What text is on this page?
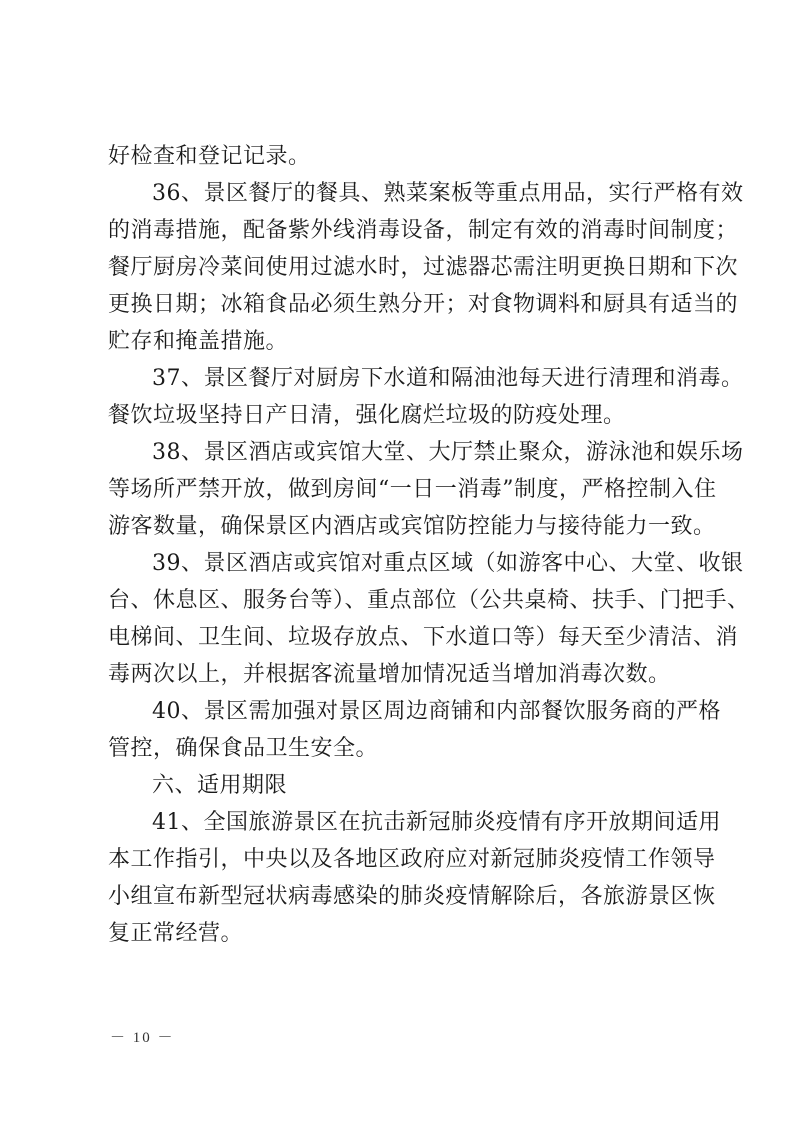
好检查和登记记录。
36、景区餐厅的餐具、熟菜案板等重点用品，实行严格有效
的消毒措施，配备紫外线消毒设备，制定有效的消毒时间制度；
餐厅厨房冷菜间使用过滤水时，过滤器芯需注明更换日期和下次
更换日期；冰箱食品必须生熟分开；对食物调料和厨具有适当的
贮存和掩盖措施。
37、景区餐厅对厨房下水道和隔油池每天进行清理和消毒。
餐饮垃圾坚持日产日清，强化腐烂垃圾的防疫处理。
38、景区酒店或宾馆大堂、大厅禁止聚众，游泳池和娱乐场
等场所严禁开放，做到房间“一日一消毒”制度，严格控制入住
游客数量，确保景区内酒店或宾馆防控能力与接待能力一致。
39、景区酒店或宾馆对重点区域（如游客中心、大堂、收银
台、休息区、服务台等）、重点部位（公共桌椅、扶手、门把手、
电梯间、卫生间、垃圾存放点、下水道口等）每天至少清洁、消
毒两次以上，并根据客流量增加情况适当增加消毒次数。
40、景区需加强对景区周边商铺和内部餐饮服务商的严格
管控，确保食品卫生安全。
六、适用期限
41、全国旅游景区在抗击新冠肺炎疫情有序开放期间适用
本工作指引，中央以及各地区政府应对新冠肺炎疫情工作领导
小组宣布新型冠状病毒感染的肺炎疫情解除后，各旅游景区恢
复正常经营。
－ 10 －
